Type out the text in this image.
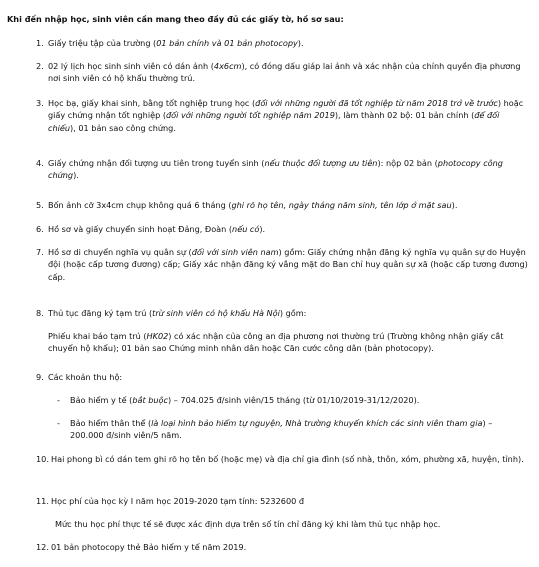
Khi đến nhập học, sinh viên cần mang theo đầy đủ các giấy tờ, hồ sơ sau:
1. Giấy triệu tập của trường (01 bản chính và 01 bản photocopy).
2. 02 lý lịch học sinh sinh viên có dán ảnh (4x6cm), có đóng dấu giáp lai ảnh và xác nhận của chính quyền địa phương nơi sinh viên có hộ khẩu thường trú.
3. Học bạ, giấy khai sinh, bằng tốt nghiệp trung học (đối với những người đã tốt nghiệp từ năm 2018 trở về trước) hoặc giấy chứng nhận tốt nghiệp (đối với những người tốt nghiệp năm 2019), làm thành 02 bộ: 01 bản chính (để đối chiếu), 01 bản sao công chứng.
4. Giấy chứng nhận đối tượng ưu tiên trong tuyển sinh (nếu thuộc đối tượng ưu tiên): nộp 02 bản (photocopy công chứng).
5. Bốn ảnh cỡ 3x4cm chụp không quá 6 tháng (ghi rõ họ tên, ngày tháng năm sinh, tên lớp ở mặt sau).
6. Hồ sơ và giấy chuyển sinh hoạt Đảng, Đoàn (nếu có).
7. Hồ sơ di chuyển nghĩa vụ quân sự (đối với sinh viên nam) gồm: Giấy chứng nhận đăng ký nghĩa vụ quân sự do Huyện đội (hoặc cấp tương đương) cấp; Giấy xác nhận đăng ký vắng mặt do Ban chỉ huy quân sự xã (hoặc cấp tương đương) cấp.
8. Thủ tục đăng ký tạm trú (trừ sinh viên có hộ khẩu Hà Nội) gồm:
Phiếu khai báo tạm trú (HK02) có xác nhận của công an địa phương nơi thường trú (Trường không nhận giấy cắt chuyển hộ khẩu); 01 bản sao Chứng minh nhân dân hoặc Căn cước công dân (bản photocopy).
9. Các khoản thu hộ:
- Bảo hiểm y tế (bắt buộc) – 704.025 đ/sinh viên/15 tháng (từ 01/10/2019-31/12/2020).
- Bảo hiểm thân thể (là loại hình bảo hiểm tự nguyện, Nhà trường khuyến khích các sinh viên tham gia) – 200.000 đ/sinh viên/5 năm.
10. Hai phong bì có dán tem ghi rõ họ tên bố (hoặc mẹ) và địa chỉ gia đình (số nhà, thôn, xóm, phường xã, huyện, tỉnh).
11. Học phí của học kỳ I năm học 2019-2020 tạm tính: 5232600 đ
Mức thu học phí thực tế sẽ được xác định dựa trên số tín chỉ đăng ký khi làm thủ tục nhập học.
12. 01 bản photocopy thẻ Bảo hiểm y tế năm 2019.
